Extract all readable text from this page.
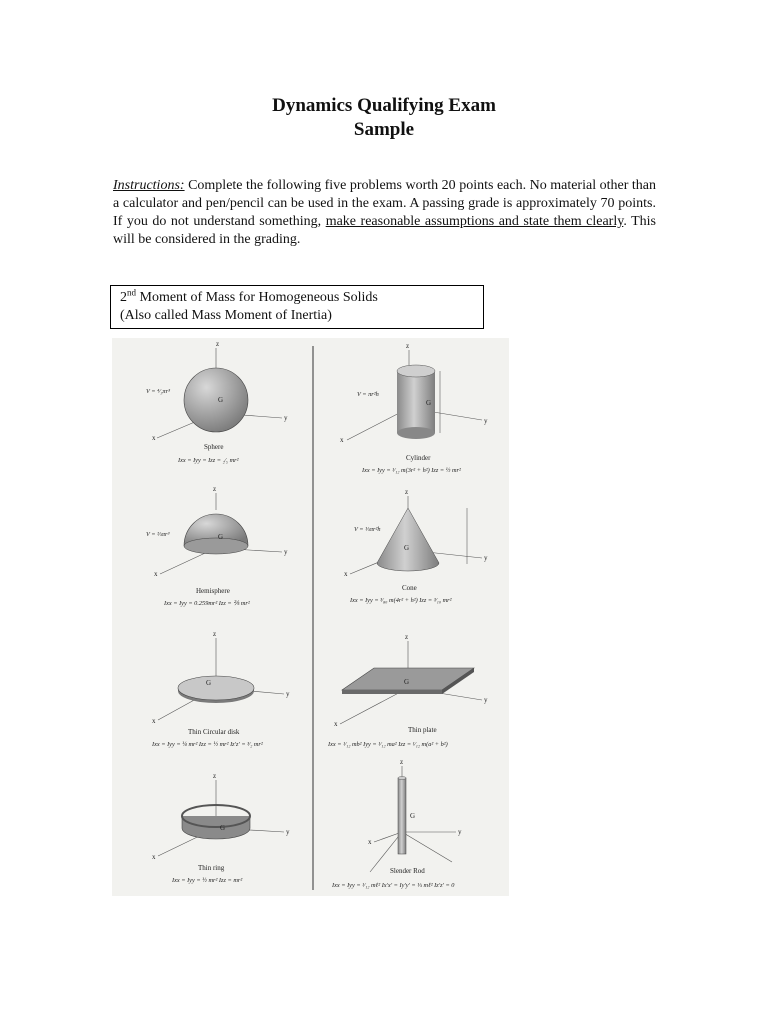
Dynamics Qualifying Exam
Sample
Instructions: Complete the following five problems worth 20 points each. No material other than a calculator and pen/pencil can be used in the exam. A passing grade is approximately 70 points. If you do not understand something, make reasonable assumptions and state them clearly. This will be considered in the grading.
2nd Moment of Mass for Homogeneous Solids
(Also called Mass Moment of Inertia)
G
z
y
x
V = ⁴⁄₃πr³
Sphere
Ixx = Iyy = Izz = ₂⁄₅ mr²
G
z
y
x
V = πr²h
Cylinder
Ixx = Iyy = ¹⁄₁₂ m(3r² + h²) Izz = ½ mr²
G
z
y
x
V = ⅔πr³
Hemisphere
Ixx = Iyy = 0.259mr² Izz = ⅖ mr²
G
z
y
x
V = ⅓πr²h
Cone
Ixx = Iyy = ³⁄₈₀ m(4r² + h²) Izz = ³⁄₁₀ mr²
G
z
y
x
Thin Circular disk
Ixx = Iyy = ¼ mr² Izz = ½ mr² Iz'z' = ³⁄₂ mr²
G
z
y
x
Thin plate
Ixx = ¹⁄₁₂ mb² Iyy = ¹⁄₁₂ ma² Izz = ¹⁄₁₂ m(a² + b²)
G
z
y
x
Thin ring
Ixx = Iyy = ½ mr² Izz = mr²
G
z
y
x
Slender Rod
Ixx = Iyy = ¹⁄₁₂ mℓ² Ix'x' = Iy'y' = ⅓ mℓ² Iz'z' = 0
